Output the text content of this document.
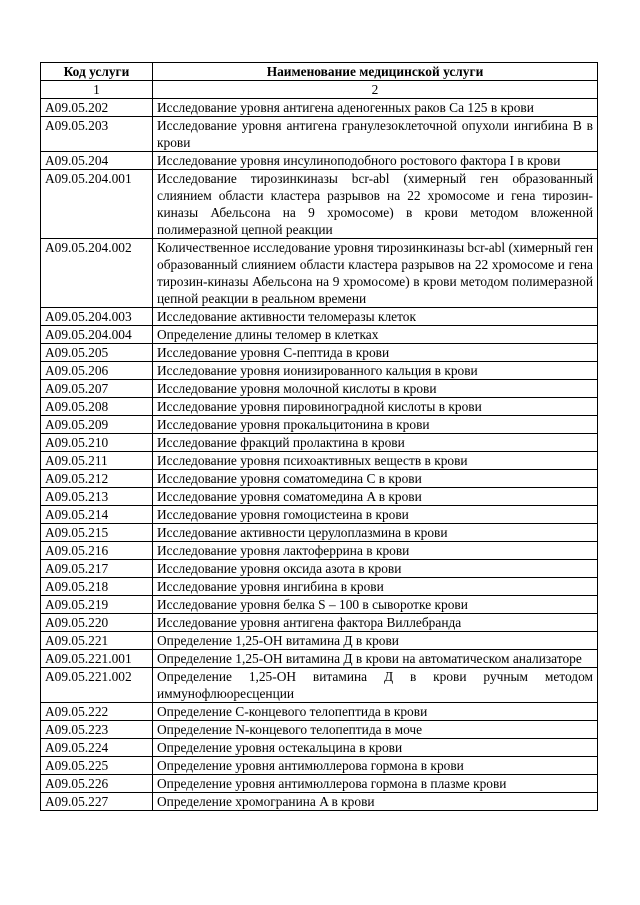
Код услуги	Наименование медицинской услуги
1	2
A09.05.202	Исследование уровня антигена аденогенных раков Ca 125 в крови
A09.05.203	Исследование уровня антигена гранулезоклеточной опухоли ингибина B в крови
A09.05.204	Исследование уровня инсулиноподобного ростового фактора I в крови
A09.05.204.001	Исследование тирозинкиназы bcr-abl (химерный ген образованный слиянием области кластера разрывов на 22 хромосоме и гена тирозин-киназы Абельсона на 9 хромосоме) в крови методом вложенной полимеразной цепной реакции
A09.05.204.002	Количественное исследование уровня тирозинкиназы bcr-abl (химерный ген образованный слиянием области кластера разрывов на 22 хромосоме и гена тирозин-киназы Абельсона на 9 хромосоме) в крови методом полимеразной цепной реакции в реальном времени
A09.05.204.003	Исследование активности теломеразы клеток
A09.05.204.004	Определение длины теломер в клетках
A09.05.205	Исследование уровня C-пептида в крови
A09.05.206	Исследование уровня ионизированного кальция в крови
A09.05.207	Исследование уровня молочной кислоты в крови
A09.05.208	Исследование уровня пировиноградной кислоты в крови
A09.05.209	Исследование уровня прокальцитонина в крови
A09.05.210	Исследование фракций пролактина в крови
A09.05.211	Исследование уровня психоактивных веществ в крови
A09.05.212	Исследование уровня соматомедина C в крови
A09.05.213	Исследование уровня соматомедина A в крови
A09.05.214	Исследование уровня гомоцистеина в крови
A09.05.215	Исследование активности церулоплазмина в крови
A09.05.216	Исследование уровня лактоферрина в крови
A09.05.217	Исследование уровня оксида азота в крови
A09.05.218	Исследование уровня ингибина в крови
A09.05.219	Исследование уровня белка S – 100 в сыворотке крови
A09.05.220	Исследование уровня антигена фактора Виллебранда
A09.05.221	Определение 1,25-ОН витамина Д в крови
A09.05.221.001	Определение 1,25-ОН витамина Д в крови на автоматическом анализаторе
A09.05.221.002	Определение 1,25-ОН витамина Д в крови ручным методом иммунофлюоресценции
A09.05.222	Определение C-концевого телопептида в крови
A09.05.223	Определение N-концевого телопептида в моче
A09.05.224	Определение уровня остекальцина в крови
A09.05.225	Определение уровня антимюллерова гормона в крови
A09.05.226	Определение уровня антимюллерова гормона в плазме крови
A09.05.227	Определение хромогранина A в крови
